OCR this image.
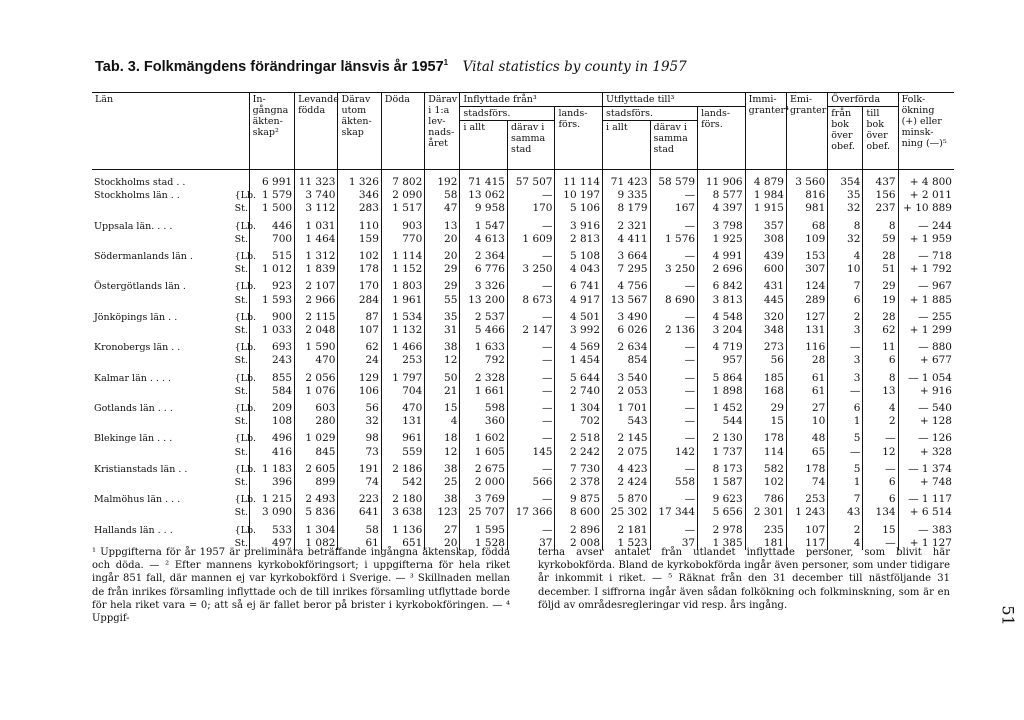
Tab. 3. Folkmängdens förändringar länsvis år 1957$^1$ Vital statistics by county in 1957
Län		In-gångna äkten-skap²	Levande födda	Därav utom äkten-skap	Döda	Därav i 1:a lev-nads-året	Inflyttade från³			Utflyttade till³			Immi-granter⁴	Emi-granter	Överförda		Folk-ökning (+) eller minsk-ning (—)⁵
							stadsförs.		lands-förs.	stadsförs.		lands-förs.			från bok över obef.	till bok över obef.	
							i allt	därav i samma stad		i allt	därav i samma stad						
Stockholms stad . .		6 991	11 323	1 326	7 802	192	71 415	57 507	11 114	71 423	58 579	11 906	4 879	3 560	354	437	+ 4 800
Stockholms län . .	{Lb.	1 579	3 740	346	2 090	58	13 062	—	10 197	9 335	—	8 577	1 984	816	35	156	+ 2 011
	St.	1 500	3 112	283	1 517	47	9 958	170	5 106	8 179	167	4 397	1 915	981	32	237	+ 10 889
Uppsala län. . . .	{Lb.	446	1 031	110	903	13	1 547	—	3 916	2 321	—	3 798	357	68	8	8	— 244
	St.	700	1 464	159	770	20	4 613	1 609	2 813	4 411	1 576	1 925	308	109	32	59	+ 1 959
Södermanlands län .	{Lb.	515	1 312	102	1 114	20	2 364	—	5 108	3 664	—	4 991	439	153	4	28	— 718
	St.	1 012	1 839	178	1 152	29	6 776	3 250	4 043	7 295	3 250	2 696	600	307	10	51	+ 1 792
Östergötlands län .	{Lb.	923	2 107	170	1 803	29	3 326	—	6 741	4 756	—	6 842	431	124	7	29	— 967
	St.	1 593	2 966	284	1 961	55	13 200	8 673	4 917	13 567	8 690	3 813	445	289	6	19	+ 1 885
Jönköpings län . .	{Lb.	900	2 115	87	1 534	35	2 537	—	4 501	3 490	—	4 548	320	127	2	28	— 255
	St.	1 033	2 048	107	1 132	31	5 466	2 147	3 992	6 026	2 136	3 204	348	131	3	62	+ 1 299
Kronobergs län . .	{Lb.	693	1 590	62	1 466	38	1 633	—	4 569	2 634	—	4 719	273	116	—	11	— 880
	St.	243	470	24	253	12	792	—	1 454	854	—	957	56	28	3	6	+ 677
Kalmar län . . . .	{Lb.	855	2 056	129	1 797	50	2 328	—	5 644	3 540	—	5 864	185	61	3	8	— 1 054
	St.	584	1 076	106	704	21	1 661	—	2 740	2 053	—	1 898	168	61	—	13	+ 916
Gotlands län . . .	{Lb.	209	603	56	470	15	598	—	1 304	1 701	—	1 452	29	27	6	4	— 540
	St.	108	280	32	131	4	360	—	702	543	—	544	15	10	1	2	+ 128
Blekinge län . . .	{Lb.	496	1 029	98	961	18	1 602	—	2 518	2 145	—	2 130	178	48	5	—	— 126
	St.	416	845	73	559	12	1 605	145	2 242	2 075	142	1 737	114	65	—	12	+ 328
Kristianstads län . .	{Lb.	1 183	2 605	191	2 186	38	2 675	—	7 730	4 423	—	8 173	582	178	5	—	— 1 374
	St.	396	899	74	542	25	2 000	566	2 378	2 424	558	1 587	102	74	1	6	+ 748
Malmöhus län . . .	{Lb.	1 215	2 493	223	2 180	38	3 769	—	9 875	5 870	—	9 623	786	253	7	6	— 1 117
	St.	3 090	5 836	641	3 638	123	25 707	17 366	8 600	25 302	17 344	5 656	2 301	1 243	43	134	+ 6 514
Hallands län . . .	{Lb.	533	1 304	58	1 136	27	1 595	—	2 896	2 181	—	2 978	235	107	2	15	— 383
	St.	497	1 082	61	651	20	1 528	37	2 008	1 523	37	1 385	181	117	4	—	+ 1 127
¹ Uppgifterna för år 1957 är preliminära beträffande ingångna äktenskap, födda och döda. — ² Efter mannens kyrkobokföringsort; i uppgifterna för hela riket ingår 851 fall, där mannen ej var kyrkobokförd i Sverige. — ³ Skillnaden mellan de från inrikes församling inflyttade och de till inrikes församling utflyttade borde för hela riket vara = 0; att så ej är fallet beror på brister i kyrkobokföringen. — ⁴ Uppgif-
terna avser antalet från utlandet inflyttade personer, som blivit här kyrkobokförda. Bland de kyrkobokförda ingår även personer, som under tidigare år inkommit i riket. — ⁵ Räknat från den 31 december till nästföljande 31 december. I siffrorna ingår även sådan folkökning och folkminskning, som är en följd av områdesregleringar vid resp. års ingång.
51
